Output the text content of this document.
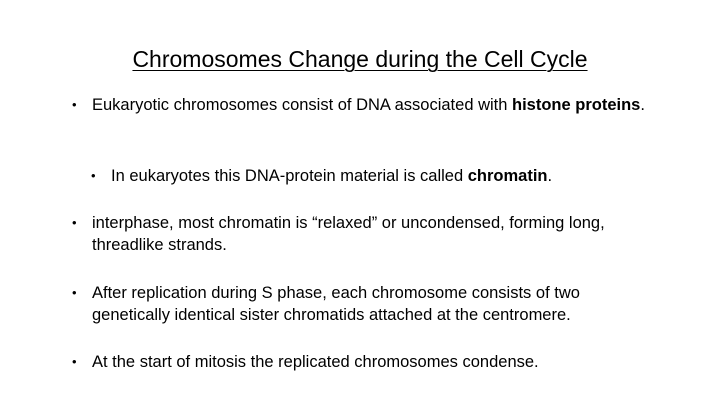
Chromosomes Change during the Cell Cycle
• Eukaryotic chromosomes consist of DNA associated with histone proteins.
• In eukaryotes this DNA-protein material is called chromatin.
• interphase, most chromatin is “relaxed” or uncondensed, forming long, threadlike strands.
• After replication during S phase, each chromosome consists of two genetically identical sister chromatids attached at the centromere.
• At the start of mitosis the replicated chromosomes condense.
